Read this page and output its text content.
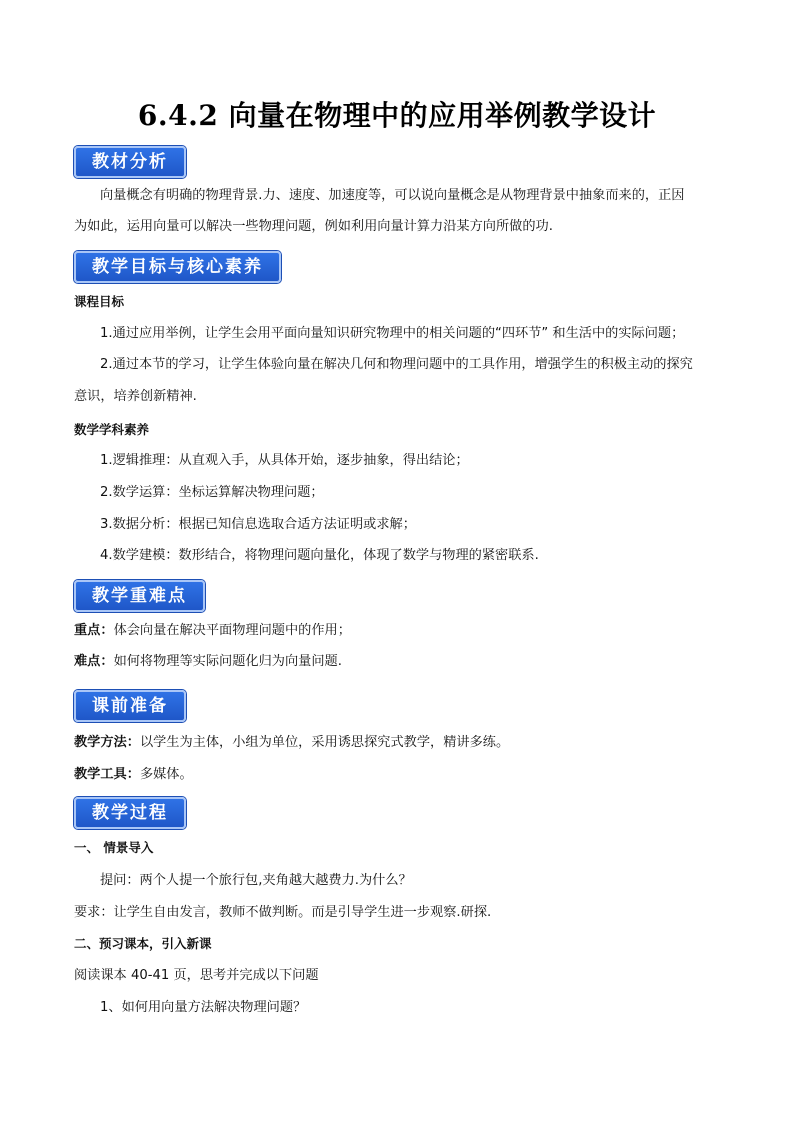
6.4.2 向量在物理中的应用举例教学设计
教材分析
向量概念有明确的物理背景.力、速度、加速度等，可以说向量概念是从物理背景中抽象而来的，正因
为如此，运用向量可以解决一些物理问题，例如利用向量计算力沿某方向所做的功.
教学目标与核心素养
课程目标
1.通过应用举例，让学生会用平面向量知识研究物理中的相关问题的“四环节” 和生活中的实际问题；
2.通过本节的学习，让学生体验向量在解决几何和物理问题中的工具作用，增强学生的积极主动的探究
意识，培养创新精神.
数学学科素养
1.逻辑推理：从直观入手，从具体开始，逐步抽象，得出结论；
2.数学运算：坐标运算解决物理问题；
3.数据分析：根据已知信息选取合适方法证明或求解；
4.数学建模：数形结合，将物理问题向量化，体现了数学与物理的紧密联系.
教学重难点
重点：体会向量在解决平面物理问题中的作用；
难点：如何将物理等实际问题化归为向量问题.
课前准备
教学方法：以学生为主体，小组为单位，采用诱思探究式教学，精讲多练。
教学工具：多媒体。
教学过程
一、 情景导入
提问：两个人提一个旅行包,夹角越大越费力.为什么？
要求：让学生自由发言，教师不做判断。而是引导学生进一步观察.研探.
二、预习课本，引入新课
阅读课本 40-41 页，思考并完成以下问题
1、如何用向量方法解决物理问题？
